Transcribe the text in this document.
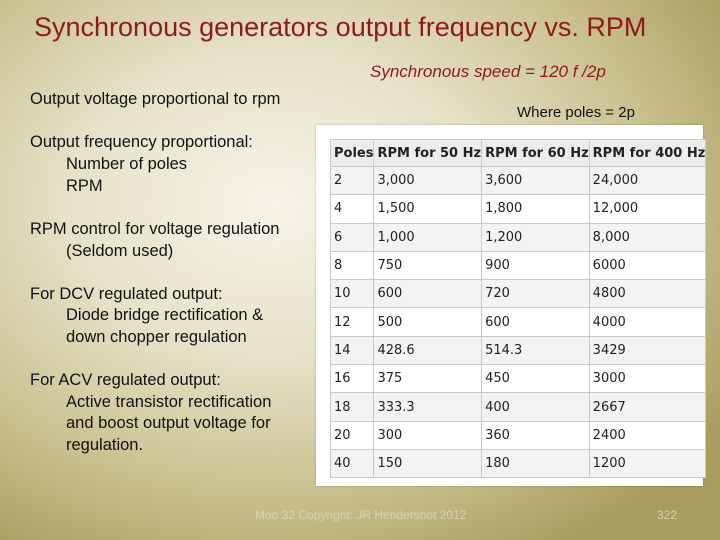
Synchronous generators output frequency vs. RPM
Synchronous speed = 120 f /2p
Where poles = 2p
Output voltage proportional to rpm
Output frequency proportional:
Number of poles
RPM
RPM control for voltage regulation
(Seldom used)
For DCV regulated output:
Diode bridge rectification &
down chopper regulation
For ACV regulated output:
Active transistor rectification
and boost output voltage for
regulation.
Poles	RPM for 50 Hz	RPM for 60 Hz	RPM for 400 Hz
2	3,000	3,600	24,000
4	1,500	1,800	12,000
6	1,000	1,200	8,000
8	750	900	6000
10	600	720	4800
12	500	600	4000
14	428.6	514.3	3429
16	375	450	3000
18	333.3	400	2667
20	300	360	2400
40	150	180	1200
Mod 32 Copyright: JR Hendershot 2012	322
